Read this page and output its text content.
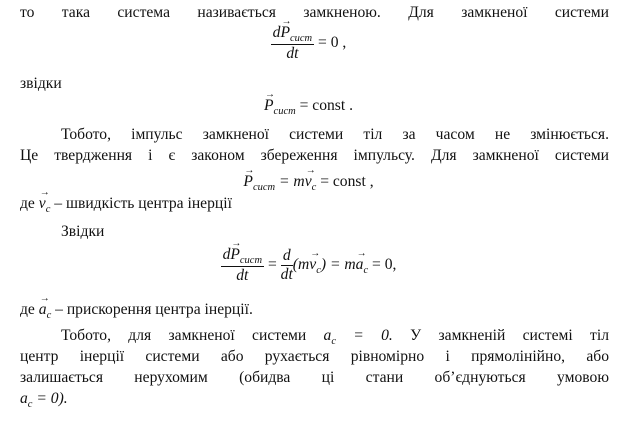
то така система називається замкненою. Для замкненої системи
$\frac{dP \to_{сист}}{dt} = 0$ ,
звідки
$P \to_{сист}$ = const .
Тобото, імпульс замкненої системи тіл за часом не змінюється.
Це твердження і є законом збереження імпульсу. Для замкненої системи
$P \to_{сист}$ = mv $\to_c$ = const ,
де $v \to_c$ – швидкість центра інерції
Звідки
$\frac{dP \to_{сист}}{dt} = \frac{d}{dt} (mv \to_c)$ = ma $\to_c = 0$,
де $a \to_c$ – прискорення центра інерції.
Тобото, для замкненої системи $a_c = 0$. У замкненій системі тіл
центр інерції системи або рухається рівномірно і прямолінійно, або
залишається нерухомим (обидва ці стани об’єднуються умовою
$a_c = 0$).
